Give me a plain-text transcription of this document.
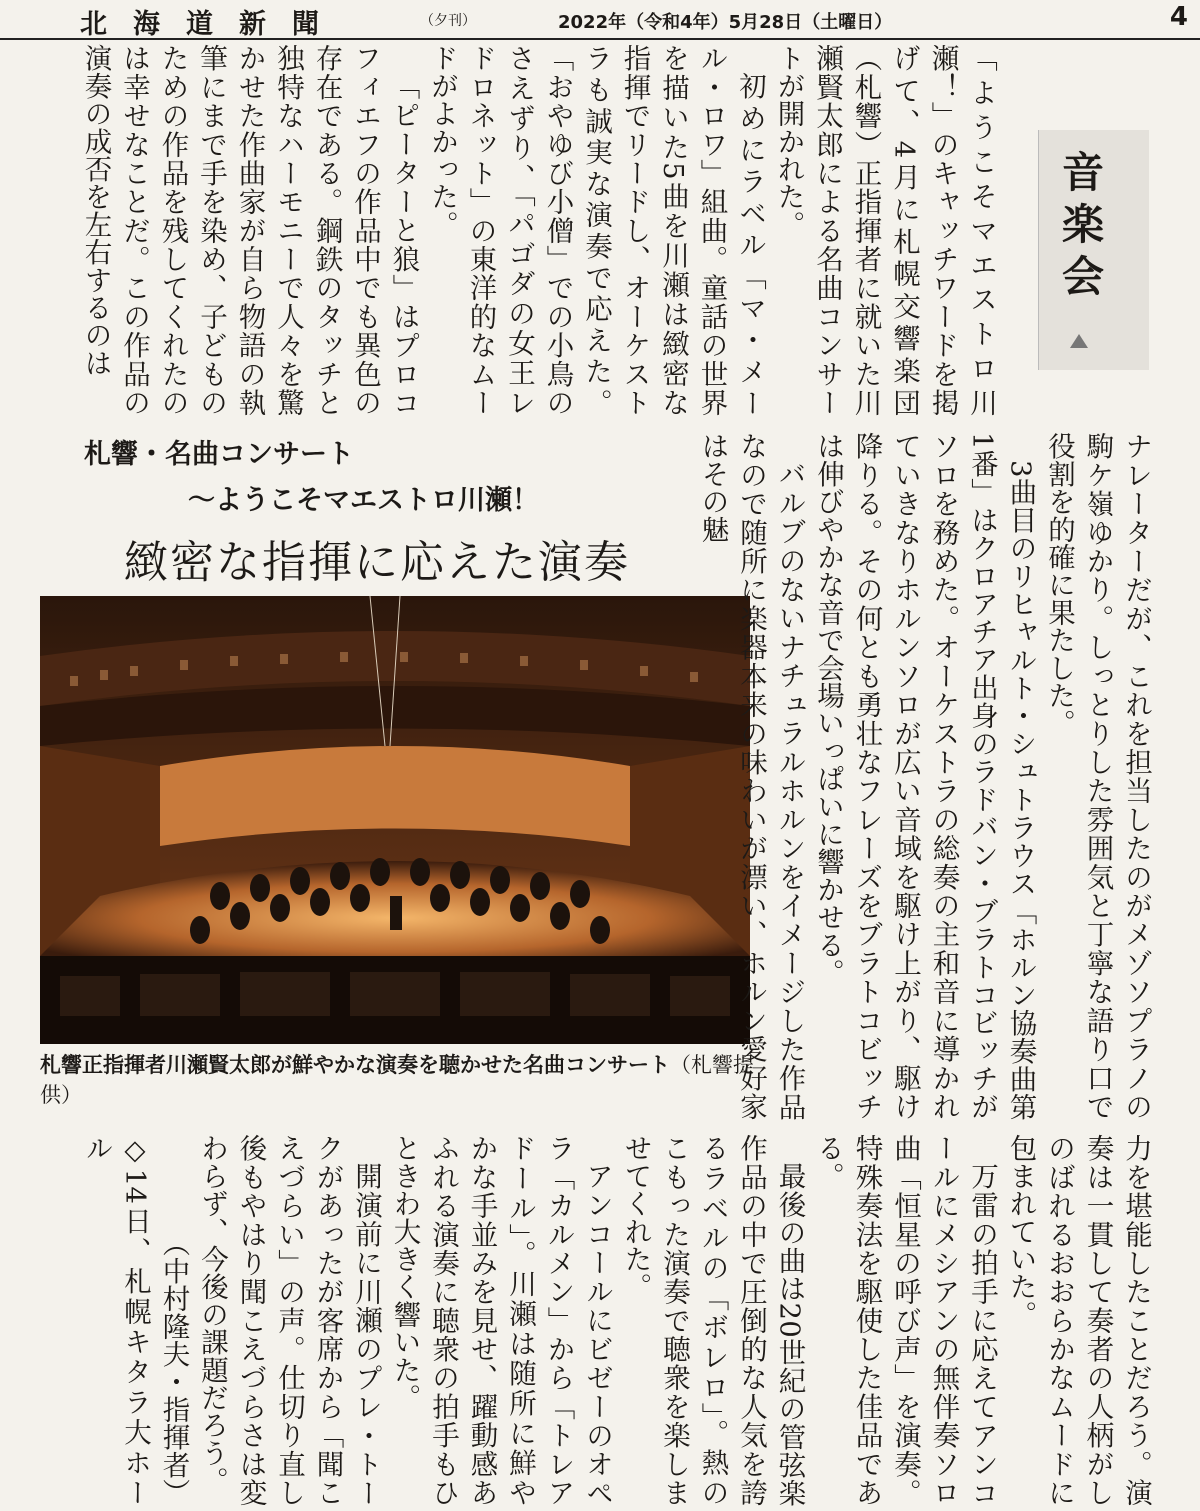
北海道新聞	（夕刊）	2022年（令和4年）5月28日（土曜日）	4
音楽会

「ようこそマエストロ川瀬！」のキャッチワードを掲げて、4月に札幌交響楽団（札響）正指揮者に就いた川瀬賢太郎による名曲コンサートが開かれた。

初めにラベル「マ・メール・ロワ」組曲。童話の世界を描いた5曲を川瀬は緻密な指揮でリードし、オーケストラも誠実な演奏で応えた。「おやゆび小僧」での小鳥のさえずり、「パゴダの女王レドロネット」の東洋的なムードがよかった。

「ピーターと狼」はプロコフィエフの作品中でも異色の存在である。鋼鉄のタッチと独特なハーモニーで人々を驚かせた作曲家が自ら物語の執筆にまで手を染め、子どものための作品を残してくれたのは幸せなことだ。この作品の演奏の成否を左右するのは

札響・名曲コンサート
～ようこそマエストロ川瀬！
緻密な指揮に応えた演奏
札響正指揮者川瀬賢太郎が鮮やかな演奏を聴かせた名曲コンサート（札響提供）	ナレーターだが、これを担当したのがメゾソプラノの駒ケ嶺ゆかり。しっとりした雰囲気と丁寧な語り口で役割を的確に果たした。

3曲目のリヒャルト・シュトラウス「ホルン協奏曲第1番」はクロアチア出身のラドバン・ブラトコビッチがソロを務めた。オーケストラの総奏の主和音に導かれていきなりホルンソロが広い音域を駆け上がり、駆け降りる。その何とも勇壮なフレーズをブラトコビッチは伸びやかな音で会場いっぱいに響かせる。

バルブのないナチュラルホルンをイメージした作品なので随所に楽器本来の味わいが漂い、ホルン愛好家はその魅

力を堪能したことだろう。演奏は一貫して奏者の人柄がしのばれるおおらかなムードに包まれていた。

万雷の拍手に応えてアンコールにメシアンの無伴奏ソロ曲「恒星の呼び声」を演奏。特殊奏法を駆使した佳品である。

最後の曲は20世紀の管弦楽作品の中で圧倒的な人気を誇るラベルの「ボレロ」。熱のこもった演奏で聴衆を楽しませてくれた。

アンコールにビゼーのオペラ「カルメン」から「トレアドール」。川瀬は随所に鮮やかな手並みを見せ、躍動感あふれる演奏に聴衆の拍手もひときわ大きく響いた。

開演前に川瀬のプレ・トークがあったが客席から「聞こえづらい」の声。仕切り直し後もやはり聞こえづらさは変わらず、今後の課題だろう。

（中村隆夫・指揮者）

◇14日、札幌キタラ大ホール
